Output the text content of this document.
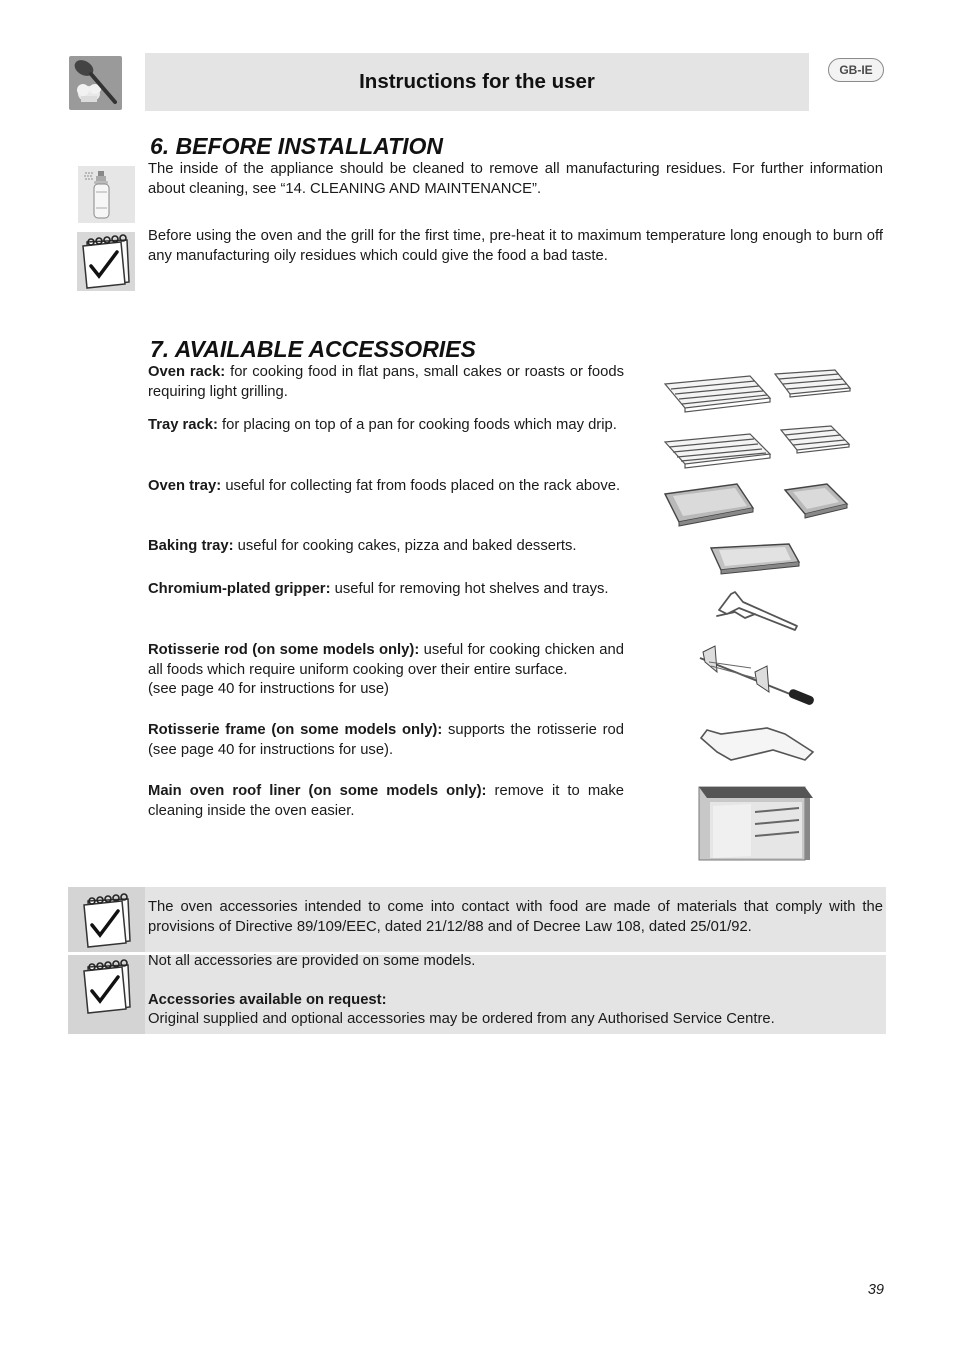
Instructions for the user	GB-IE
6. BEFORE INSTALLATION

The inside of the appliance should be cleaned to remove all manufacturing residues. For further information about cleaning, see “14. CLEANING AND MAINTENANCE”.

Before using the oven and the grill for the first time, pre-heat it to maximum temperature long enough to burn off any manufacturing oily residues which could give the food a bad taste.

7. AVAILABLE ACCESSORIES

Oven rack: for cooking food in flat pans, small cakes or roasts or foods requiring light grilling.

Tray rack: for placing on top of a pan for cooking foods which may drip.

Oven tray: useful for collecting fat from foods placed on the rack above.

Baking tray: useful for cooking cakes, pizza and baked desserts.

Chromium-plated gripper: useful for removing hot shelves and trays.

Rotisserie rod (on some models only): useful for cooking chicken and all foods which require uniform cooking over their entire surface.
(see page 40 for instructions for use)

Rotisserie frame (on some models only): supports the rotisserie rod (see page 40 for instructions for use).

Main oven roof liner (on some models only): remove it to make cleaning inside the oven easier.

The oven accessories intended to come into contact with food are made of materials that comply with the provisions of Directive 89/109/EEC, dated 21/12/88 and of Decree Law 108, dated 25/01/92.

Not all accessories are provided on some models.

Accessories available on request:

Original supplied and optional accessories may be ordered from any Authorised Service Centre.

39
